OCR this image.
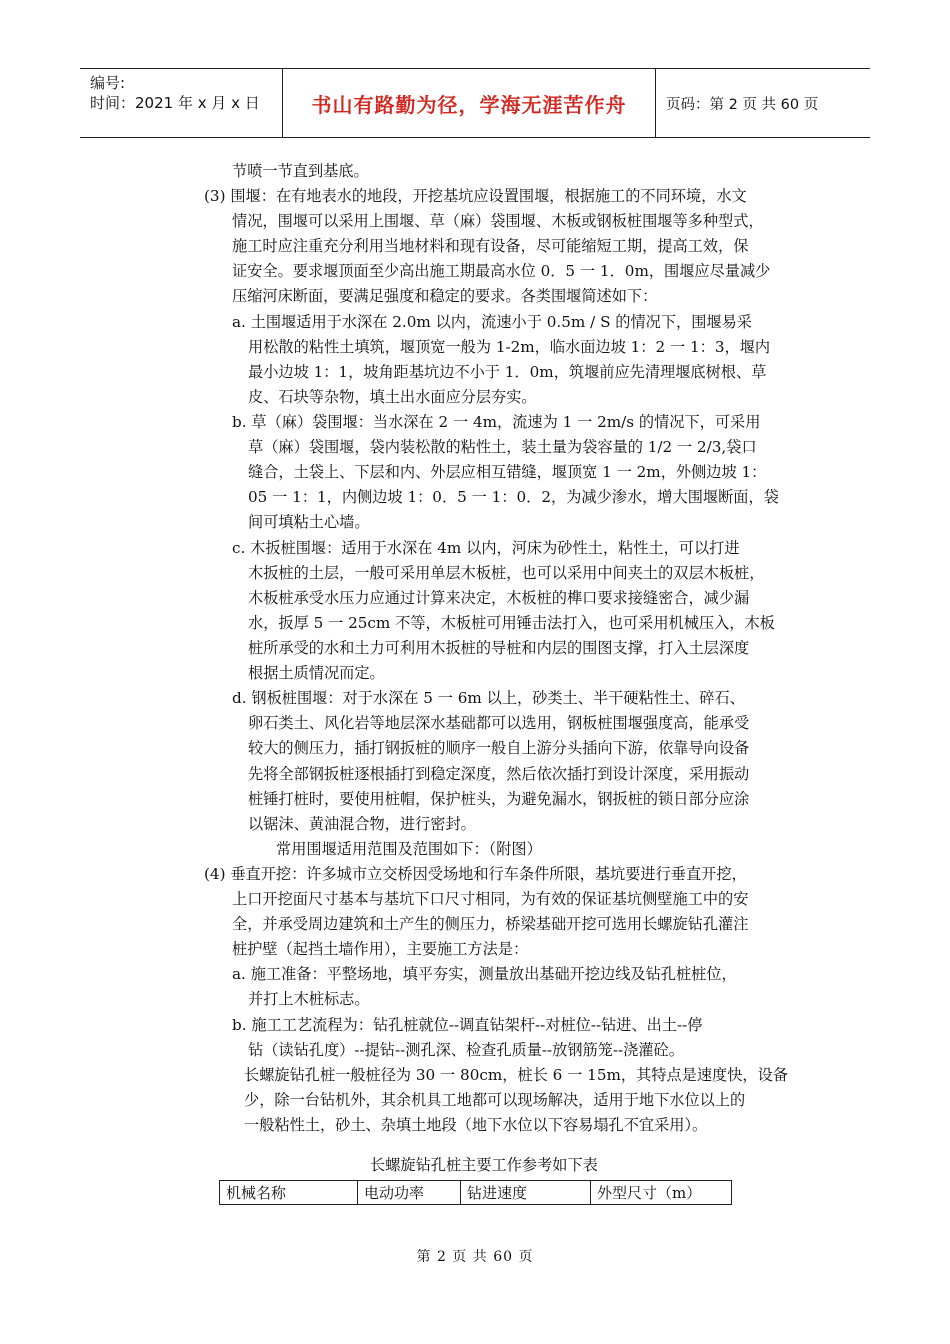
编号:
时间：2021 年 x 月 x 日	书山有路勤为径，学海无涯苦作舟	页码：第 2 页 共 60 页
节喷一节直到基底。
(3) 围堰：在有地表水的地段，开挖基坑应设置围堰，根据施工的不同环境，水文
情况，围堰可以采用上围堰、草（麻）袋围堰、木板或钢板桩围堰等多种型式，
施工时应注重充分利用当地材料和现有设备，尽可能缩短工期，提高工效，保
证安全。要求堰顶面至少高出施工期最高水位 0．5 一 1．0m，围堰应尽量减少
压缩河床断面，要满足强度和稳定的要求。各类围堰简述如下：
a. 土围堰适用于水深在 2.0m 以内，流速小于 0.5m / S 的情况下，围堰易采
用松散的粘性土填筑，堰顶宽一般为 1-2m，临水面边坡 1：2 一 1：3，堰内
最小边坡 1：1，坡角距基坑边不小于 1．0m，筑堰前应先清理堰底树根、草
皮、石块等杂物，填土出水面应分层夯实。
b. 草（麻）袋围堰：当水深在 2 一 4m，流速为 1 一 2m/s 的情况下，可采用
草（麻）袋围堰，袋内装松散的粘性土，装土量为袋容量的 1/2 一 2/3,袋口
缝合，土袋上、下层和内、外层应相互错缝，堰顶宽 1 一 2m，外侧边坡 1：
05 一 1：1，内侧边坡 1：0．5 一 1：0．2，为减少渗水，增大围堰断面，袋
间可填粘土心墙。
c. 木扳桩围堰：适用于水深在 4m 以内，河床为砂性土，粘性土，可以打进
木扳桩的土层，一般可采用单层木板桩，也可以采用中间夹土的双层木板桩，
木板桩承受水压力应通过计算来决定，木板桩的榫口要求接缝密合，减少漏
水，扳厚 5 一 25cm 不等，木板桩可用锤击法打入，也可采用机械压入，木板
桩所承受的水和土力可利用木扳桩的导桩和内层的围图支撑，打入土层深度
根据土质情况而定。
d. 钢板桩围堰：对于水深在 5 一 6m 以上，砂类土、半干硬粘性土、碎石、
卵石类土、风化岩等地层深水基础都可以选用，钢板桩围堰强度高，能承受
较大的侧压力，插打钢扳桩的顺序一般自上游分头插向下游，依靠导向设备
先将全部钢扳桩逐根插打到稳定深度，然后依次插打到设计深度，采用振动
桩锤打桩时，要使用桩帽，保护桩头，为避免漏水，钢扳桩的锁日部分应涂
以锯沫、黄油混合物，进行密封。
常用围堰适用范围及范围如下：（附图）
(4) 垂直开挖：许多城市立交桥因受场地和行车条件所限，基坑要进行垂直开挖，
上口开挖面尺寸基本与基坑下口尺寸相同，为有效的保证基坑侧壁施工中的安
全，并承受周边建筑和土产生的侧压力，桥梁基础开挖可选用长螺旋钻孔灌注
桩护壁（起挡土墙作用），主要施工方法是：
a. 施工准备：平整场地，填平夯实，测量放出基础开挖边线及钻孔桩桩位，
并打上木桩标志。
b. 施工工艺流程为：钻孔桩就位--调直钻架杆--对桩位--钻进、出土--停
钻（读钻孔度）--提钻--测孔深、检查孔质量--放钢筋笼--浇灌砼。
长螺旋钻孔桩一般桩径为 30 一 80cm，桩长 6 一 15m，其特点是速度快，设备
少，除一台钻机外，其余机具工地都可以现场解决，适用于地下水位以上的
一般粘性土，砂土、杂填土地段（地下水位以下容易塌孔不宜采用）。
长螺旋钻孔桩主要工作参考如下表
机械名称	电动功率	钻进速度	外型尺寸（m）
第 2 页 共 60 页
